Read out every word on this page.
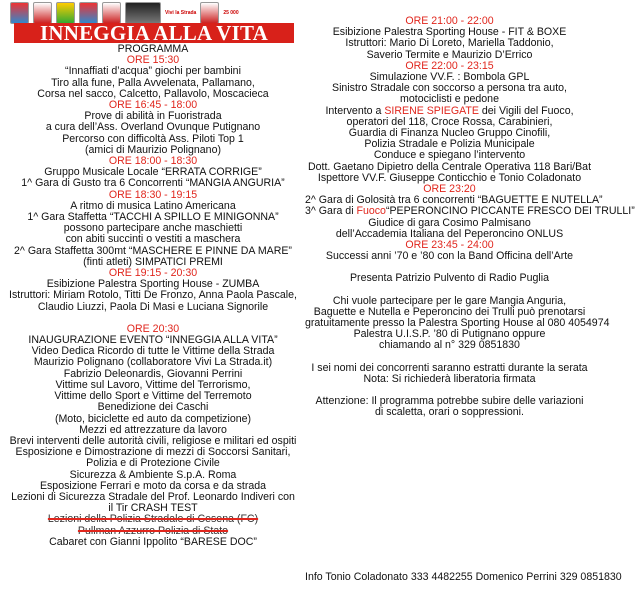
Vivi la Strada	25 000
INNEGGIA ALLA VITA
PROGRAMMA
ORE 15:30
“Innaffiati d’acqua” giochi per bambini
Tiro alla fune, Palla Avvelenata, Pallamano,
Corsa nel sacco, Calcetto, Pallavolo, Moscacieca
ORE 16:45 - 18:00
Prove di abilità in Fuoristrada
a cura dell’Ass. Overland Ovunque Putignano
Percorso con difficoltà Ass. Piloti Top 1
(amici di Maurizio Polignano)
ORE 18:00 - 18:30
Gruppo Musicale Locale “ERRATA CORRIGE”
1^ Gara di Gusto tra 6 Concorrenti “MANGIA ANGURIA”
ORE 18:30 - 19:15
A ritmo di musica Latino Americana
1^ Gara Staffetta “TACCHI A SPILLO E MINIGONNA”
possono partecipare anche maschietti
con abiti succinti o vestiti a maschera
2^ Gara Staffetta 300mt “MASCHERE E PINNE DA MARE”
(finti atleti) SIMPATICI PREMI
ORE 19:15 - 20:30
Esibizione Palestra Sporting House - ZUMBA
Istruttori: Miriam Rotolo, Titti De Fronzo, Anna Paola Pascale,
Claudio Liuzzi, Paola Di Masi e Luciana Signorile
ORE 20:30
INAUGURAZIONE EVENTO “INNEGGIA ALLA VITA”
Video Dedica Ricordo di tutte le Vittime della Strada
Maurizio Polignano (collaboratore Vivi La Strada.it)
Fabrizio Deleonardis, Giovanni Perrini
Vittime sul Lavoro, Vittime del Terrorismo,
Vittime dello Sport e Vittime del Terremoto
Benedizione dei Caschi
(Moto, biciclette ed auto da competizione)
Mezzi ed attrezzature da lavoro
Brevi interventi delle autorità civili, religiose e militari ed ospiti
Esposizione e Dimostrazione di mezzi di Soccorsi Sanitari,
Polizia e di Protezione Civile
Sicurezza & Ambiente S.p.A. Roma
Esposizione Ferrari e moto da corsa e da strada
Lezioni di Sicurezza Stradale del Prof. Leonardo Indiveri con
il Tir CRASH TEST
Lezioni della Polizia Stradale di Cesena (FC)
Pullman Azzurro Polizia di Stato
Cabaret con Gianni Ippolito “BARESE DOC”
ORE 21:00 - 22:00
Esibizione Palestra Sporting House - FIT & BOXE
Istruttori: Mario Di Loreto, Mariella Taddonio,
Saverio Termite e Maurizio D’Errico
ORE 22:00 - 23:15
Simulazione VV.F. : Bombola GPL
Sinistro Stradale con soccorso a persona tra auto,
motociclisti e pedone
Intervento a SIRENE SPIEGATE dei Vigili del Fuoco,
operatori del 118, Croce Rossa, Carabinieri,
Guardia di Finanza Nucleo Gruppo Cinofili,
Polizia Stradale e Polizia Municipale
Conduce e spiegano l’intervento
Dott. Gaetano Dipietro della Centrale Operativa 118 Bari/Bat
Ispettore VV.F. Giuseppe Conticchio e Tonio Coladonato
ORE 23:20
2^ Gara di Golosità tra 6 concorrenti “BAGUETTE E NUTELLA”
3^ Gara di Fuoco“PEPERONCINO PICCANTE FRESCO DEI TRULLI”
Giudice di gara Cosimo Palmisano
dell’Accademia Italiana del Peperoncino ONLUS
ORE 23:45 - 24:00
Successi anni ’70 e ’80 con la Band Officina dell’Arte
Presenta Patrizio Pulvento di Radio Puglia
Chi vuole partecipare per le gare Mangia Anguria,
Baguette e Nutella e Peperoncino dei Trulli può prenotarsi
gratuitamente presso la Palestra Sporting House al 080 4054974
Palestra U.I.S.P. ’80 di Putignano oppure
chiamando al n° 329 0851830
I sei nomi dei concorrenti saranno estratti durante la serata
Nota: Si richiederà liberatoria firmata
Attenzione: Il programma potrebbe subire delle variazioni
di scaletta, orari o soppressioni.
Info Tonio Coladonato 333 4482255 Domenico Perrini 329 0851830
